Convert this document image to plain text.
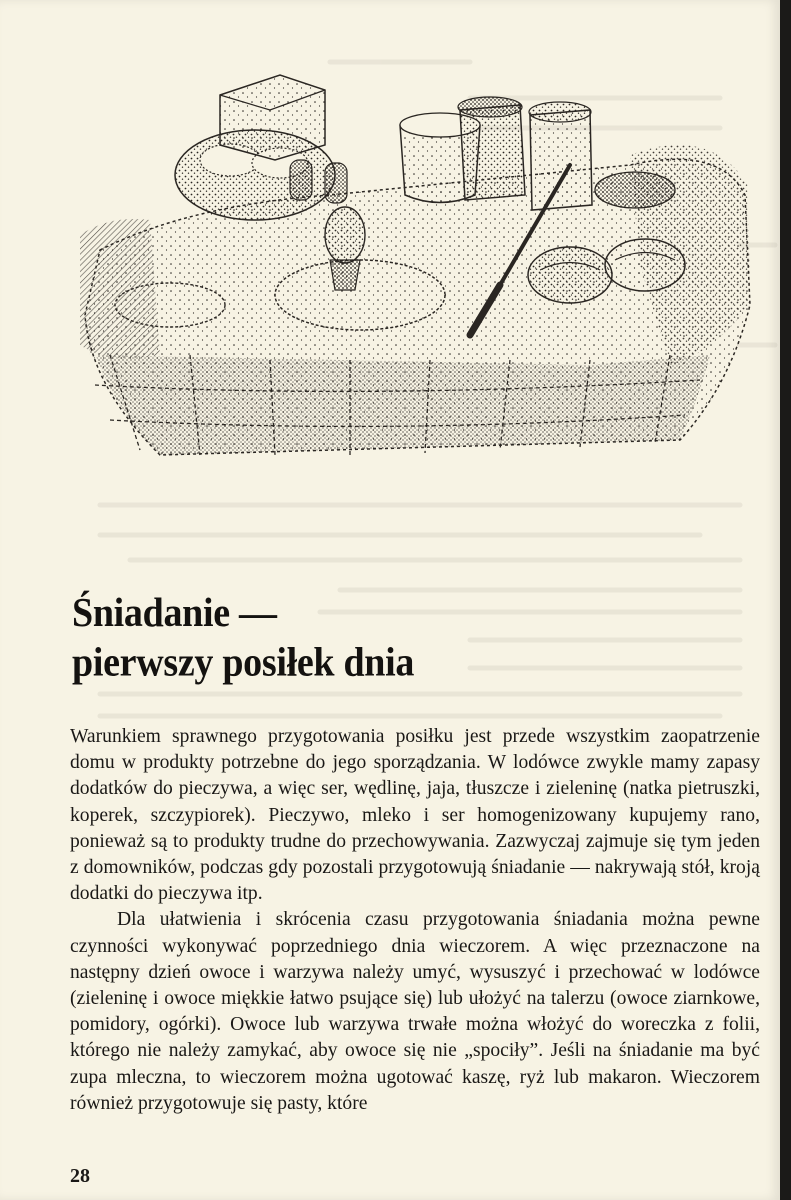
Śniadanie —
pierwszy posiłek dnia

Warunkiem sprawnego przygotowania posiłku jest przede wszystkim zaopatrzenie domu w produkty potrzebne do jego sporządzania. W lodówce zwykle mamy zapasy dodatków do pieczywa, a więc ser, wędlinę, jaja, tłuszcze i zieleninę (natka pietruszki, koperek, szczypiorek). Pieczywo, mleko i ser homogenizowany kupujemy rano, ponieważ są to produkty trudne do przechowywania. Zazwyczaj zajmuje się tym jeden z domowników, podczas gdy pozostali przygotowują śniadanie — nakrywają stół, kroją dodatki do pieczywa itp.

Dla ułatwienia i skrócenia czasu przygotowania śniadania można pewne czynności wykonywać poprzedniego dnia wieczorem. A więc przeznaczone na następny dzień owoce i warzywa należy umyć, wysuszyć i przechować w lodówce (zieleninę i owoce miękkie łatwo psujące się) lub ułożyć na talerzu (owoce ziarnkowe, pomidory, ogórki). Owoce lub warzywa trwałe można włożyć do woreczka z folii, którego nie należy zamykać, aby owoce się nie „spociły”. Jeśli na śniadanie ma być zupa mleczna, to wieczorem można ugotować kaszę, ryż lub makaron. Wieczorem również przygotowuje się pasty, które

28
